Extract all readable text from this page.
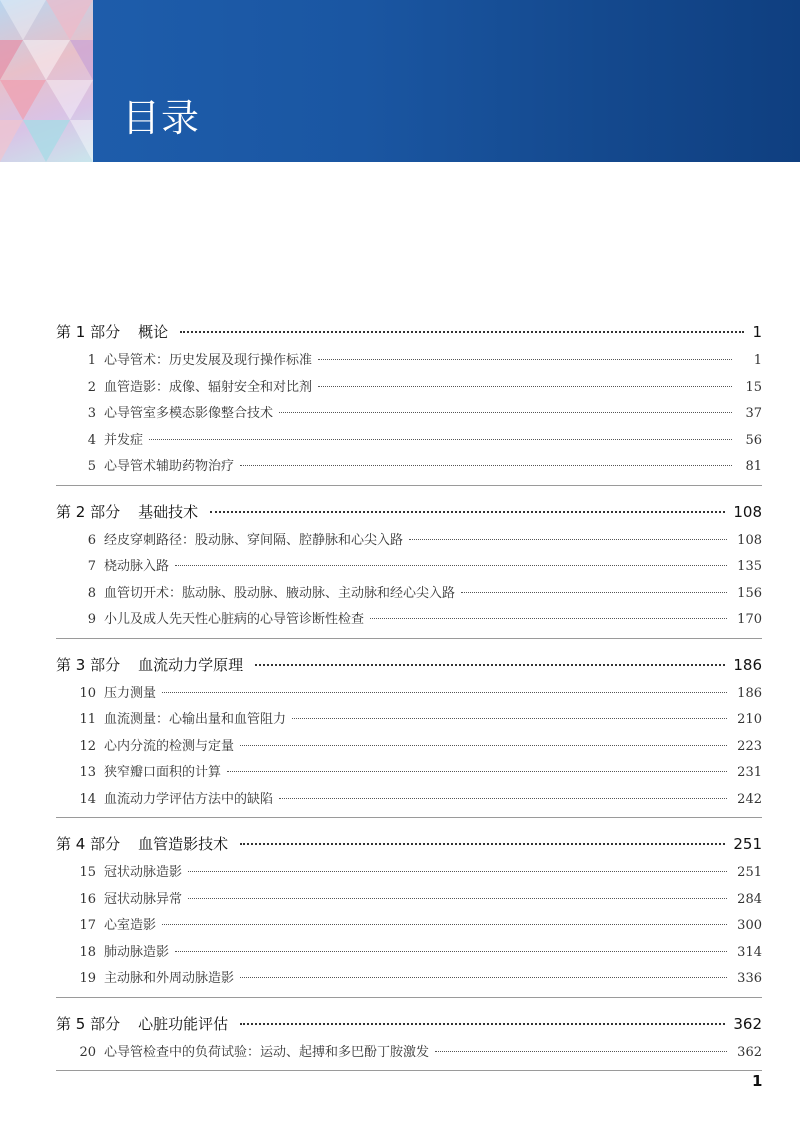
目录
第 1 部分 概论	1
1 心导管术：历史发展及现行操作标准	1
2 血管造影：成像、辐射安全和对比剂	15
3 心导管室多模态影像整合技术	37
4 并发症	56
5 心导管术辅助药物治疗	81
第 2 部分 基础技术	108
6 经皮穿刺路径：股动脉、穿间隔、腔静脉和心尖入路	108
7 桡动脉入路	135
8 血管切开术：肱动脉、股动脉、腋动脉、主动脉和经心尖入路	156
9 小儿及成人先天性心脏病的心导管诊断性检查	170
第 3 部分 血流动力学原理	186
10 压力测量	186
11 血流测量：心输出量和血管阻力	210
12 心内分流的检测与定量	223
13 狭窄瓣口面积的计算	231
14 血流动力学评估方法中的缺陷	242
第 4 部分 血管造影技术	251
15 冠状动脉造影	251
16 冠状动脉异常	284
17 心室造影	300
18 肺动脉造影	314
19 主动脉和外周动脉造影	336
第 5 部分 心脏功能评估	362
20 心导管检查中的负荷试验：运动、起搏和多巴酚丁胺激发	362
1
